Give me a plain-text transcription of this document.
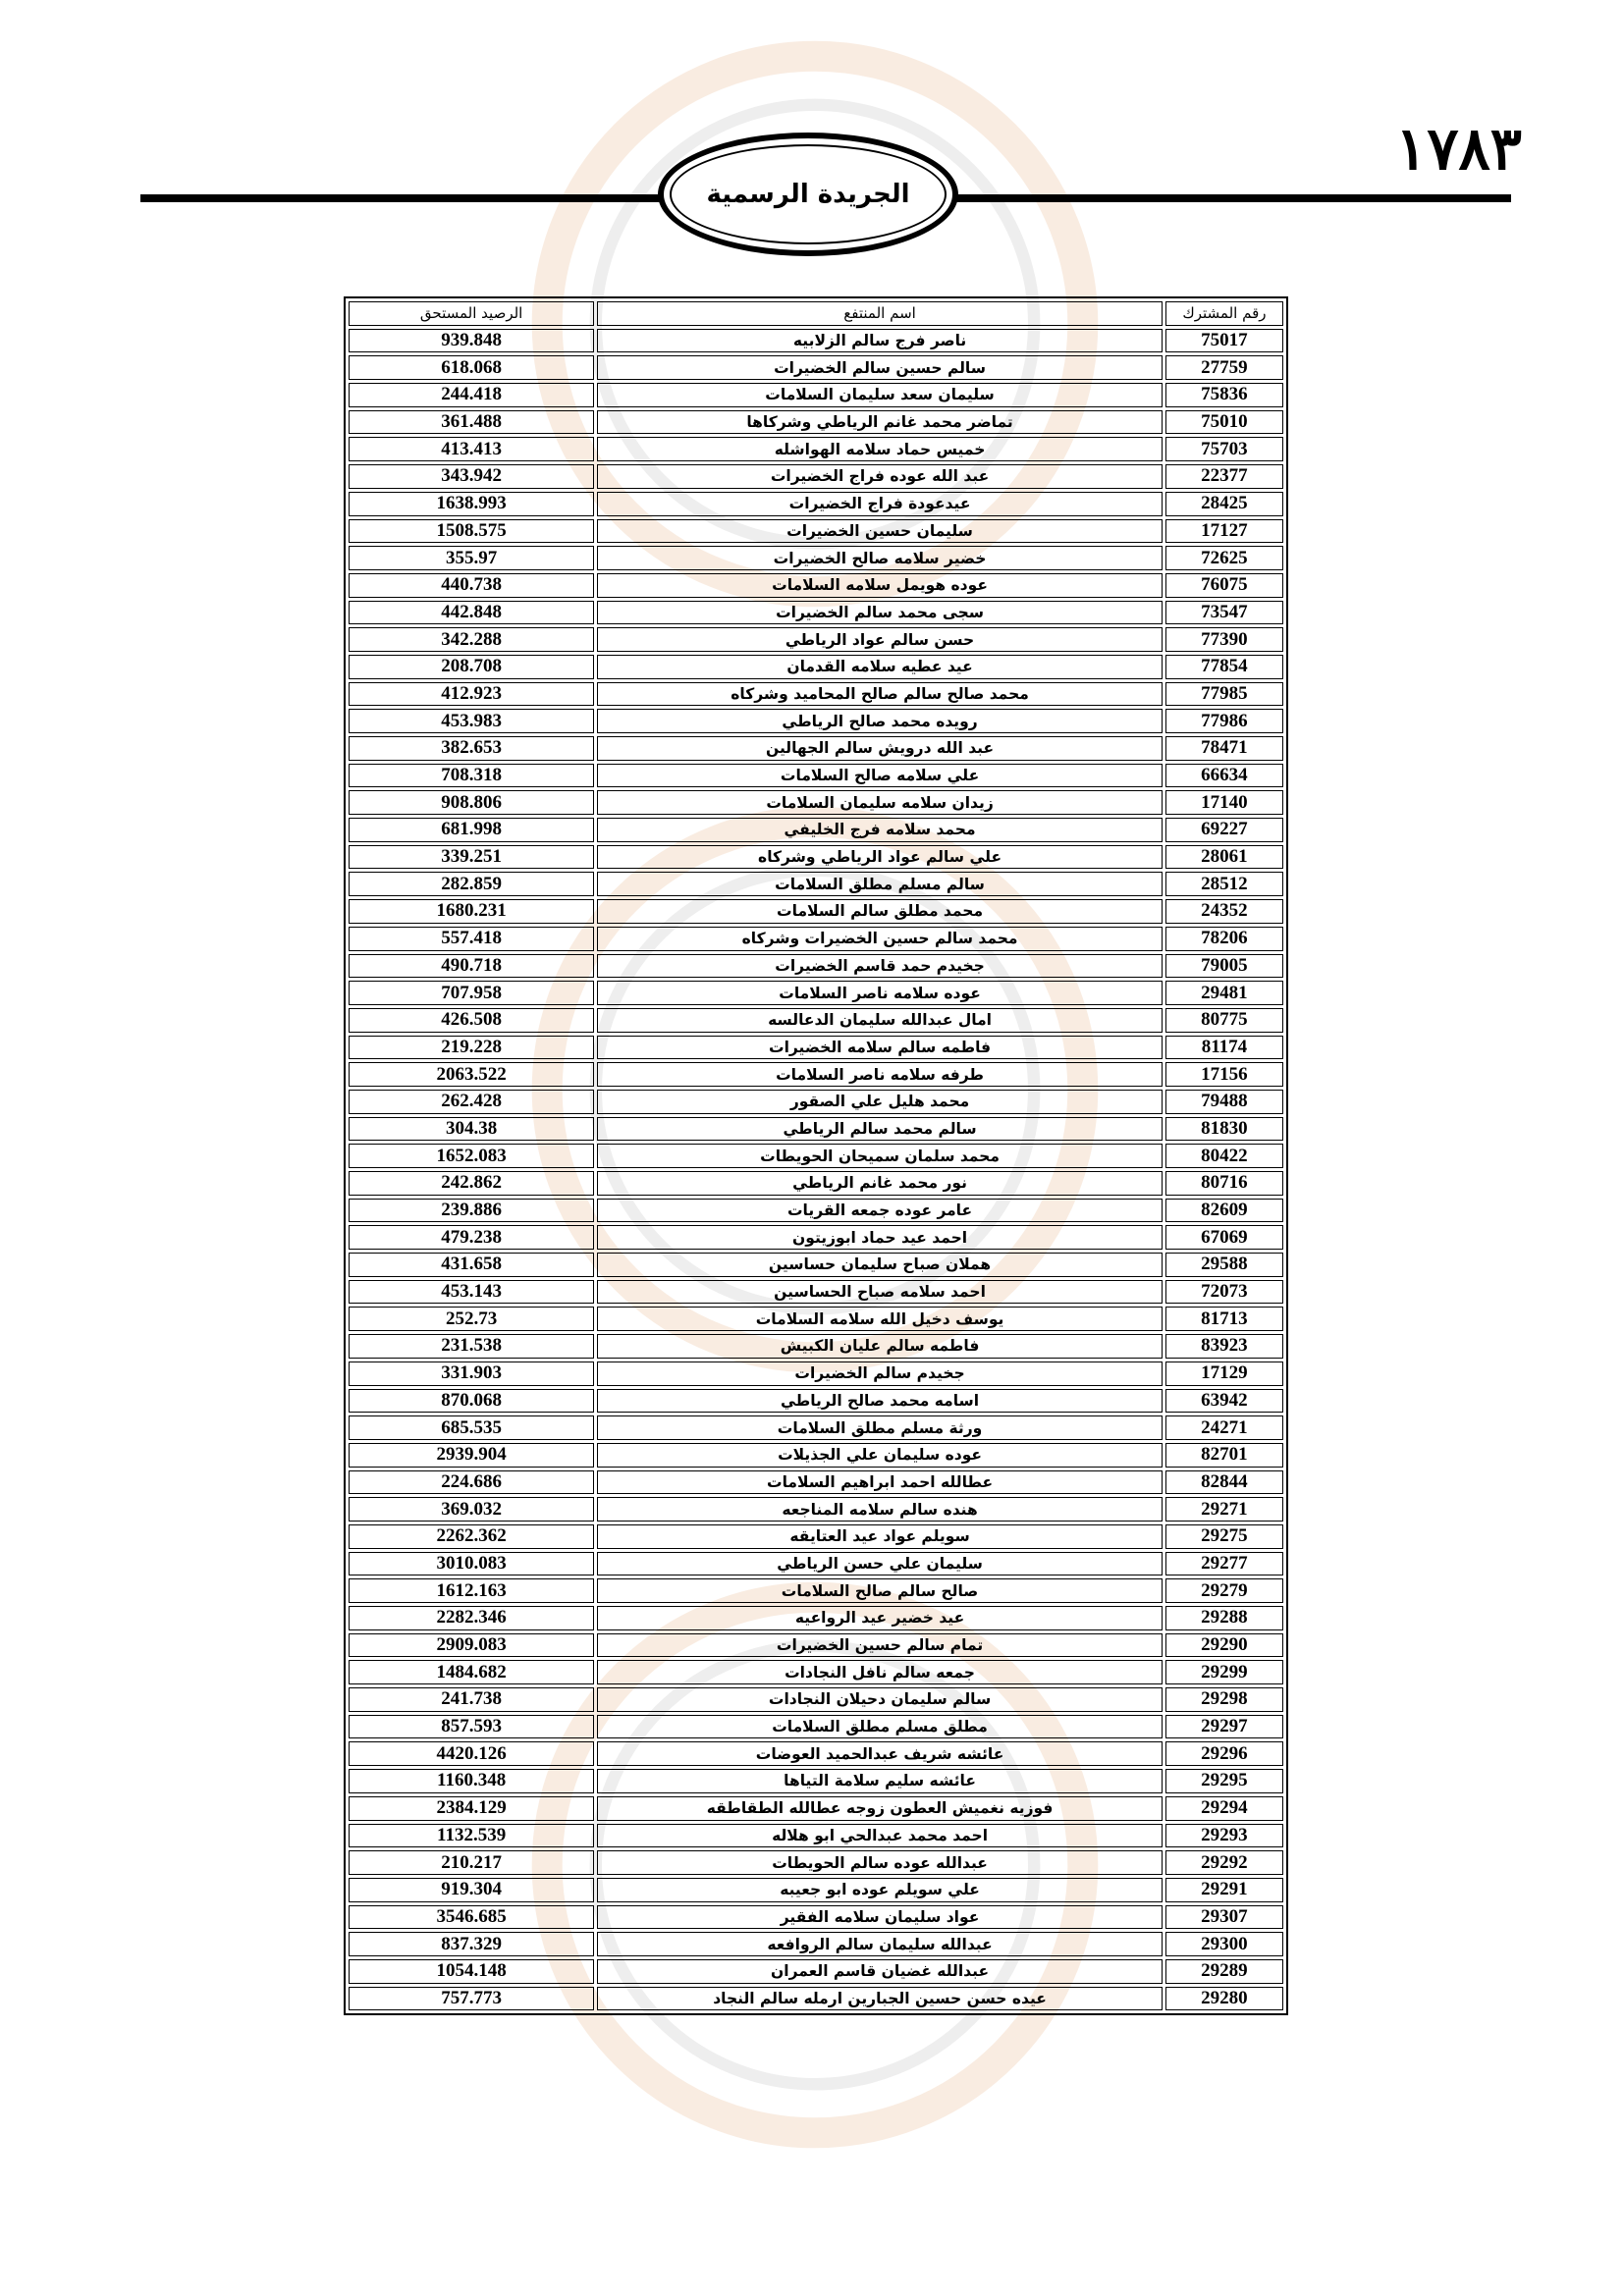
١٧٨٣
الجريدة الرسمية
الرصيد المستحق	اسم المنتفع	رقم المشترك
939.848	ناصر فرج سالم الزلابيه	75017
618.068	سالم حسين سالم الخضيرات	27759
244.418	سليمان سعد سليمان السلامات	75836
361.488	تماضر محمد غانم الرياطي وشركاها	75010
413.413	خميس حماد سلامه الهواشله	75703
343.942	عبد الله عوده فراج الخضيرات	22377
1638.993	عيدعودة فراج الخضيرات	28425
1508.575	سليمان حسين الخضيرات	17127
355.97	خضير سلامه صالح الخضيرات	72625
440.738	عوده هويمل سلامه السلامات	76075
442.848	سجى محمد سالم الخضيرات	73547
342.288	حسن سالم عواد الرياطي	77390
208.708	عيد عطيه سلامه القدمان	77854
412.923	محمد صالح سالم صالح المحاميد وشركاه	77985
453.983	رويده محمد صالح الرياطي	77986
382.653	عبد الله درويش سالم الجهالين	78471
708.318	علي سلامه صالح السلامات	66634
908.806	زيدان سلامه سليمان السلامات	17140
681.998	محمد سلامه فرج الخليفي	69227
339.251	علي سالم عواد الرياطي وشركاه	28061
282.859	سالم مسلم مطلق السلامات	28512
1680.231	محمد مطلق سالم السلامات	24352
557.418	محمد سالم حسين الخضيرات وشركاه	78206
490.718	جخيدم حمد قاسم الخضيرات	79005
707.958	عوده سلامه ناصر السلامات	29481
426.508	امال عبدالله سليمان الدعالسه	80775
219.228	فاطمه سالم سلامه الخضيرات	81174
2063.522	طرفه سلامه ناصر السلامات	17156
262.428	محمد هليل علي الصقور	79488
304.38	سالم محمد سالم الرياطي	81830
1652.083	محمد سلمان سميحان الحويطات	80422
242.862	نور محمد غانم الرياطي	80716
239.886	عامر عوده جمعه القريات	82609
479.238	احمد عيد حماد ابوزيتون	67069
431.658	هملان صباح سليمان حساسين	29588
453.143	احمد سلامه صباح الحساسين	72073
252.73	يوسف دخيل الله سلامه السلامات	81713
231.538	فاطمه سالم عليان الكبيش	83923
331.903	جخيدم سالم الخضيرات	17129
870.068	اسامه محمد صالح الرياطي	63942
685.535	ورثة مسلم مطلق السلامات	24271
2939.904	عوده سليمان علي الجذيلات	82701
224.686	عطالله احمد ابراهيم السلامات	82844
369.032	هنده سالم سلامه المناجعه	29271
2262.362	سويلم عواد عيد العتايقه	29275
3010.083	سليمان علي حسن الرياطي	29277
1612.163	صالح سالم صالح السلامات	29279
2282.346	عيد خضير عيد الرواعيه	29288
2909.083	تمام سالم حسين الخضيرات	29290
1484.682	جمعه سالم نافل النجادات	29299
241.738	سالم سليمان دحيلان النجادات	29298
857.593	مطلق مسلم مطلق السلامات	29297
4420.126	عائشه شريف عبدالحميد العوضات	29296
1160.348	عائشه سليم سلامة التياها	29295
2384.129	فوزيه نغميش العطون زوجه عطالله الطقاطقه	29294
1132.539	احمد محمد عبدالحي ابو هلاله	29293
210.217	عبدالله عوده سالم الحويطات	29292
919.304	علي سويلم عوده ابو جعيبه	29291
3546.685	عواد سليمان سلامه الفقير	29307
837.329	عبدالله سليمان سالم الروافعه	29300
1054.148	عبدالله غضيان قاسم العمران	29289
757.773	عيده حسن حسين الجبارين ارمله سالم النجاد	29280
